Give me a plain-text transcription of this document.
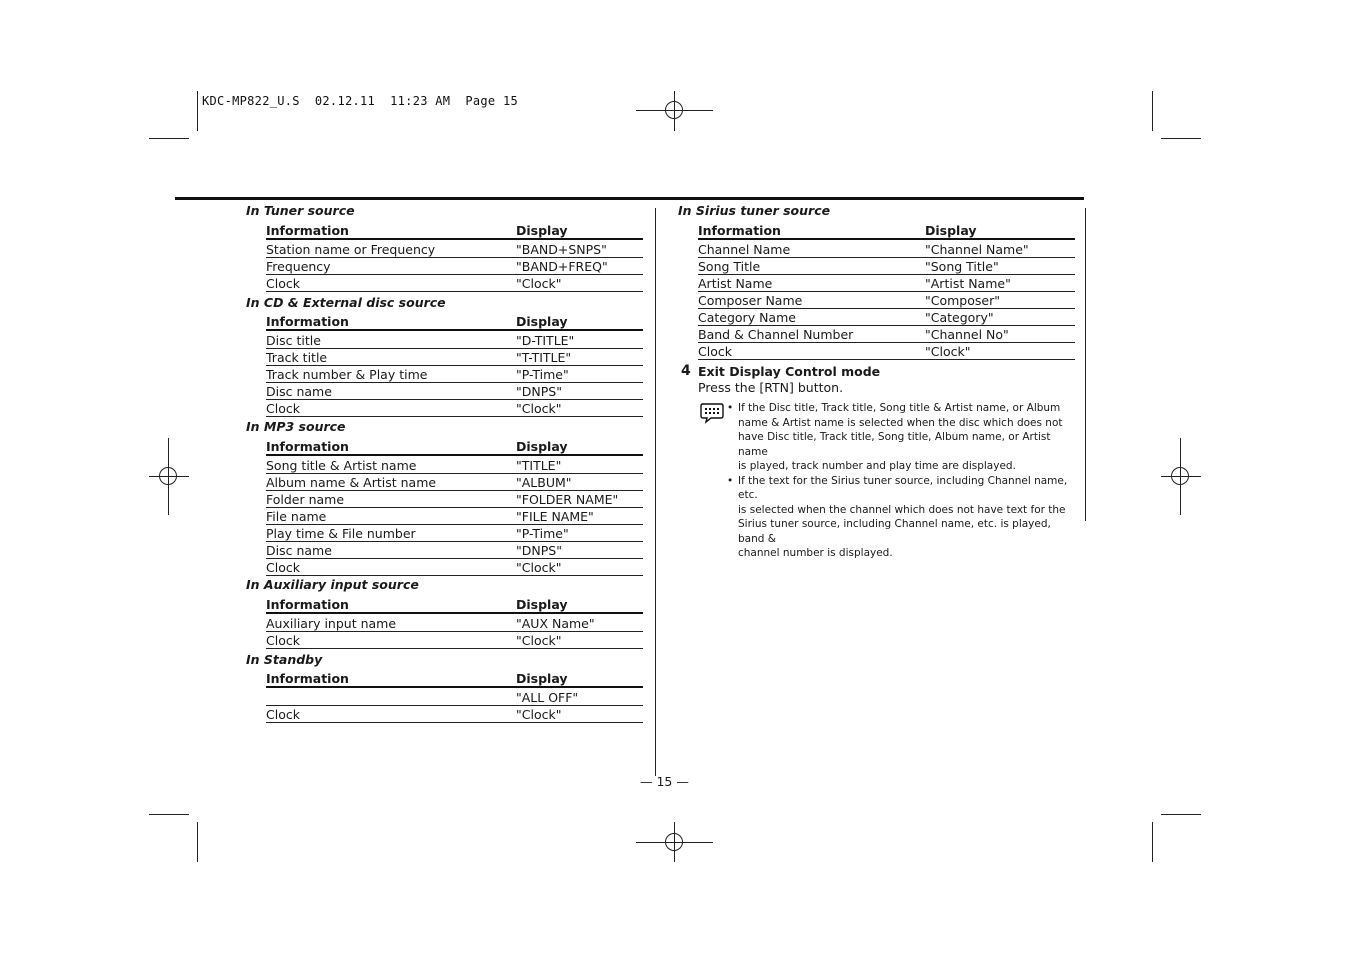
KDC-MP822_U.S  02.12.11  11:23 AM  Page 15
In Tuner source
Information	Display
Station name or Frequency	"BAND+SNPS"
Frequency	"BAND+FREQ"
Clock	"Clock"
In CD & External disc source
Information	Display
Disc title	"D-TITLE"
Track title	"T-TITLE"
Track number & Play time	"P-Time"
Disc name	"DNPS"
Clock	"Clock"
In MP3 source
Information	Display
Song title & Artist name	"TITLE"
Album name & Artist name	"ALBUM"
Folder name	"FOLDER NAME"
File name	"FILE NAME"
Play time & File number	"P-Time"
Disc name	"DNPS"
Clock	"Clock"
In Auxiliary input source
Information	Display
Auxiliary input name	"AUX Name"
Clock	"Clock"
In Standby
Information	Display
	"ALL OFF"
Clock	"Clock"
In Sirius tuner source
Information	Display
Channel Name	"Channel Name"
Song Title	"Song Title"
Artist Name	"Artist Name"
Composer Name	"Composer"
Category Name	"Category"
Band & Channel Number	"Channel No"
Clock	"Clock"
4 Exit Display Control mode
Press the [RTN] button.

• If the Disc title, Track title, Song title & Artist name, or Album
name & Artist name is selected when the disc which does not
have Disc title, Track title, Song title, Album name, or Artist name
is played, track number and play time are displayed.

• If the text for the Sirius tuner source, including Channel name, etc.
is selected when the channel which does not have text for the
Sirius tuner source, including Channel name, etc. is played, band &
channel number is displayed.

— 15 —
